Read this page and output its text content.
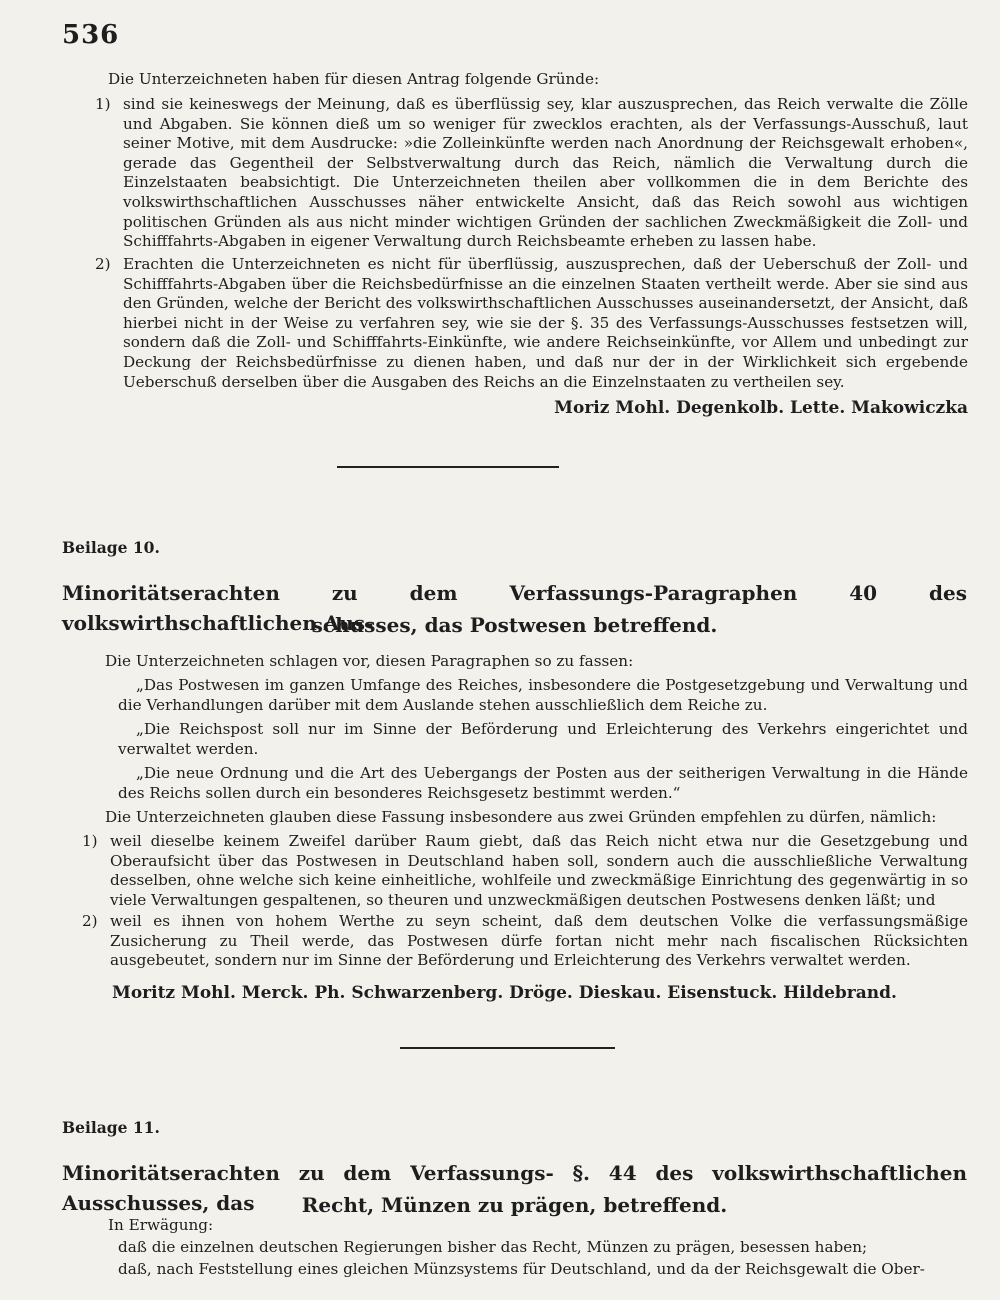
536

Die Unterzeichneten haben für diesen Antrag folgende Gründe:

1) sind sie keineswegs der Meinung, daß es überflüssig sey, klar auszusprechen, das Reich verwalte die Zölle und Abgaben. Sie können dieß um so weniger für zwecklos erachten, als der Verfassungs-Ausschuß, laut seiner Motive, mit dem Ausdrucke: »die Zolleinkünfte werden nach Anordnung der Reichsgewalt erhoben«, gerade das Gegentheil der Selbstverwaltung durch das Reich, nämlich die Verwaltung durch die Einzelstaaten beabsichtigt. Die Unterzeichneten theilen aber vollkommen die in dem Berichte des volkswirthschaftlichen Ausschusses näher entwickelte Ansicht, daß das Reich sowohl aus wichtigen politischen Gründen als aus nicht minder wichtigen Gründen der sachlichen Zweckmäßigkeit die Zoll- und Schifffahrts-Abgaben in eigener Verwaltung durch Reichsbeamte erheben zu lassen habe.

2) Erachten die Unterzeichneten es nicht für überflüssig, auszusprechen, daß der Ueberschuß der Zoll- und Schifffahrts-Abgaben über die Reichsbedürfnisse an die einzelnen Staaten vertheilt werde. Aber sie sind aus den Gründen, welche der Bericht des volkswirthschaftlichen Ausschusses auseinandersetzt, der Ansicht, daß hierbei nicht in der Weise zu verfahren sey, wie sie der §. 35 des Verfassungs-Ausschusses festsetzen will, sondern daß die Zoll- und Schifffahrts-Einkünfte, wie andere Reichseinkünfte, vor Allem und unbedingt zur Deckung der Reichsbedürfnisse zu dienen haben, und daß nur der in der Wirklichkeit sich ergebende Ueberschuß derselben über die Ausgaben des Reichs an die Einzelnstaaten zu vertheilen sey.

Moriz Mohl. Degenkolb. Lette. Makowiczka
Beilage 10.

Minoritätserachten zu dem Verfassungs-Paragraphen 40 des volkswirthschaftlichen Aus-

schusses, das Postwesen betreffend.

Die Unterzeichneten schlagen vor, diesen Paragraphen so zu fassen:

„Das Postwesen im ganzen Umfange des Reiches, insbesondere die Postgesetzgebung und Verwaltung und die Verhandlungen darüber mit dem Auslande stehen ausschließlich dem Reiche zu.

„Die Reichspost soll nur im Sinne der Beförderung und Erleichterung des Verkehrs eingerichtet und verwaltet werden.

„Die neue Ordnung und die Art des Uebergangs der Posten aus der seitherigen Verwaltung in die Hände des Reichs sollen durch ein besonderes Reichsgesetz bestimmt werden.“

Die Unterzeichneten glauben diese Fassung insbesondere aus zwei Gründen empfehlen zu dürfen, nämlich:

1) weil dieselbe keinem Zweifel darüber Raum giebt, daß das Reich nicht etwa nur die Gesetzgebung und Oberaufsicht über das Postwesen in Deutschland haben soll, sondern auch die ausschließliche Verwaltung desselben, ohne welche sich keine einheitliche, wohlfeile und zweckmäßige Einrichtung des gegenwärtig in so viele Verwaltungen gespaltenen, so theuren und unzweckmäßigen deutschen Postwesens denken läßt; und

2) weil es ihnen von hohem Werthe zu seyn scheint, daß dem deutschen Volke die verfassungsmäßige Zusicherung zu Theil werde, das Postwesen dürfe fortan nicht mehr nach fiscalischen Rücksichten ausgebeutet, sondern nur im Sinne der Beförderung und Erleichterung des Verkehrs verwaltet werden.

Moritz Mohl. Merck. Ph. Schwarzenberg. Dröge. Dieskau. Eisenstuck. Hildebrand.
Beilage 11.

Minoritätserachten zu dem Verfassungs- §. 44 des volkswirthschaftlichen Ausschusses, das	Recht, Münzen zu prägen, betreffend.

In Erwägung:

daß die einzelnen deutschen Regierungen bisher das Recht, Münzen zu prägen, besessen haben;

daß, nach Feststellung eines gleichen Münzsystems für Deutschland, und da der Reichsgewalt die Ober-
